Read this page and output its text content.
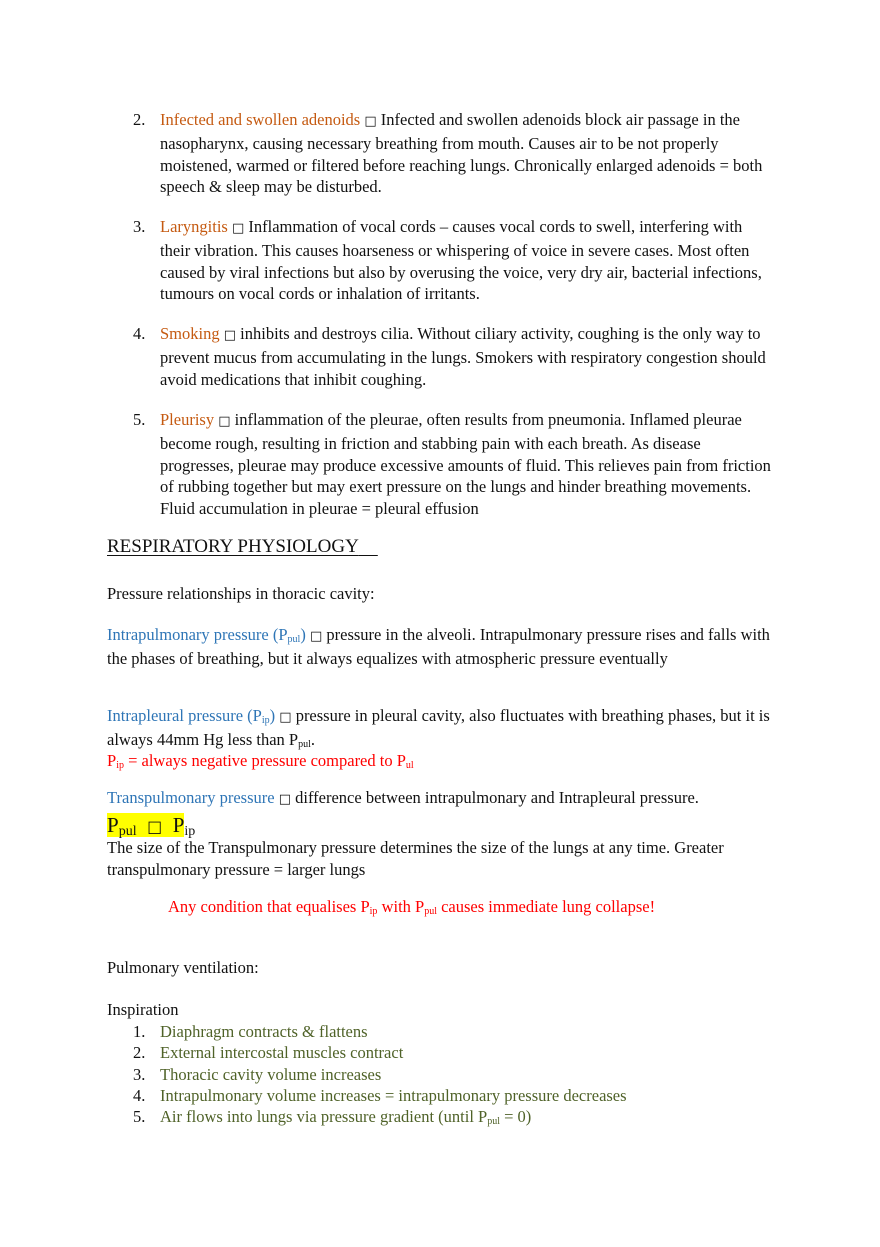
2. Infected and swollen adenoids □ Infected and swollen adenoids block air passage in the nasopharynx, causing necessary breathing from mouth. Causes air to be not properly moistened, warmed or filtered before reaching lungs. Chronically enlarged adenoids = both speech & sleep may be disturbed.
3. Laryngitis □ Inflammation of vocal cords – causes vocal cords to swell, interfering with their vibration. This causes hoarseness or whispering of voice in severe cases. Most often caused by viral infections but also by overusing the voice, very dry air, bacterial infections, tumours on vocal cords or inhalation of irritants.
4. Smoking □ inhibits and destroys cilia. Without ciliary activity, coughing is the only way to prevent mucus from accumulating in the lungs. Smokers with respiratory congestion should avoid medications that inhibit coughing.
5. Pleurisy □ inflammation of the pleurae, often results from pneumonia. Inflamed pleurae become rough, resulting in friction and stabbing pain with each breath. As disease progresses, pleurae may produce excessive amounts of fluid. This relieves pain from friction of rubbing together but may exert pressure on the lungs and hinder breathing movements. Fluid accumulation in pleurae = pleural effusion
RESPIRATORY PHYSIOLOGY
Pressure relationships in thoracic cavity:
Intrapulmonary pressure $(P_{pul})$ □ pressure in the alveoli. Intrapulmonary pressure rises and falls with the phases of breathing, but it always equalizes with atmospheric pressure eventually
Intrapleural pressure $(P_{ip})$ □ pressure in pleural cavity, also fluctuates with breathing phases, but it is always 44mm Hg less than $P_{pul}$.
$P_{ip}$ = always negative pressure compared to $P_{ul}$
Transpulmonary pressure □ difference between intrapulmonary and Intrapleural pressure.
$P_{pul}$ □ $P_{ip}$
The size of the Transpulmonary pressure determines the size of the lungs at any time. Greater transpulmonary pressure = larger lungs
Any condition that equalises $P_{ip}$ with $P_{pul}$ causes immediate lung collapse!
Pulmonary ventilation:
Inspiration
1. Diaphragm contracts & flattens
2. External intercostal muscles contract
3. Thoracic cavity volume increases
4. Intrapulmonary volume increases = intrapulmonary pressure decreases
5. Air flows into lungs via pressure gradient (until $P_{pul} = 0$)
